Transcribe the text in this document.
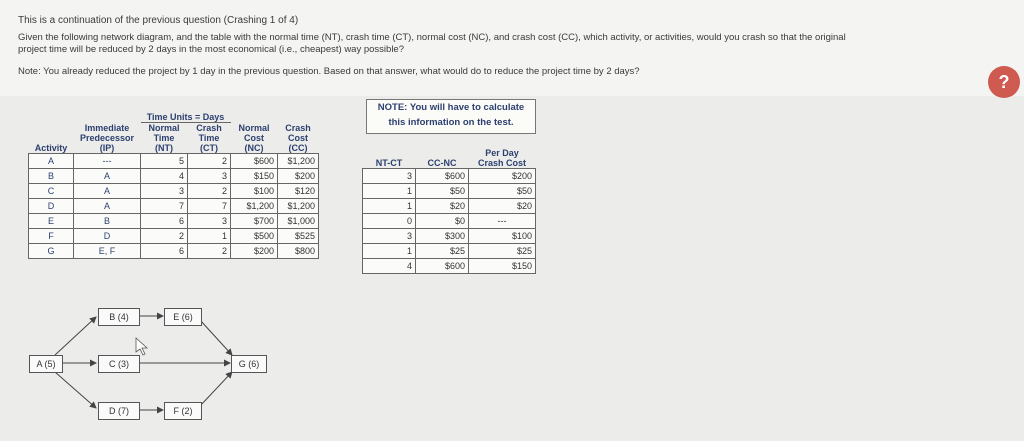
This is a continuation of the previous question (Crashing 1 of 4)
Given the following network diagram, and the table with the normal time (NT), crash time (CT), normal cost (NC), and crash cost (CC), which activity, or activities, would you crash so that the original
project time will be reduced by 2 days in the most economical (i.e., cheapest) way possible?
Note: You already reduced the project by 1 day in the previous question. Based on that answer, what would do to reduce the project time by 2 days?
?
NOTE: You will have to calculate
this information on the test.
		Time Units = Days			
	Immediate	Normal	Crash	Normal	Crash
	Predecessor	Time	Time	Cost	Cost
Activity	(IP)	(NT)	(CT)	(NC)	(CC)
A	---	5	2	$600	$1,200
B	A	4	3	$150	$200
C	A	3	2	$100	$120
D	A	7	7	$1,200	$1,200
E	B	6	3	$700	$1,000
F	D	2	1	$500	$525
G	E, F	6	2	$200	$800
		Per Day
NT-CT	CC-NC	Crash Cost
3	$600	$200
1	$50	$50
1	$20	$20
0	$0	---
3	$300	$100
1	$25	$25
4	$600	$150
A (5)
B (4)
C (3)
D (7)
E (6)
F (2)
G (6)
